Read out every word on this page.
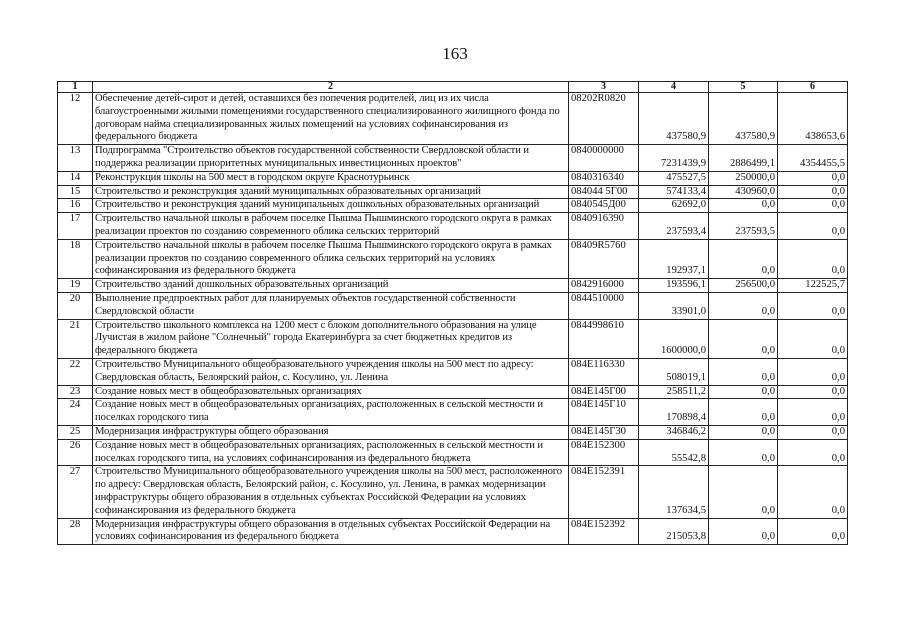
163
1	2	3	4	5	6
12	Обеспечение детей-сирот и детей, оставшихся без попечения родителей, лиц из их числа благоустроенными жилыми помещениями государственного специализированного жилищного фонда по договорам найма специализированных жилых помещений на условиях софинансирования из федерального бюджета	08202R0820	437580,9	437580,9	438653,6
13	Подпрограмма "Строительство объектов государственной собственности Свердловской области и поддержка реализации приоритетных муниципальных инвестиционных проектов"	0840000000	7231439,9	2886499,1	4354455,5
14	Реконструкция школы на 500 мест в городском округе Краснотурьинск	0840316340	475527,5	250000,0	0,0
15	Строительство и реконструкция зданий муниципальных образовательных организаций	084044 5Г00	574133,4	430960,0	0,0
16	Строительство и реконструкция зданий муниципальных дошкольных образовательных организаций	0840545Д00	62692,0	0,0	0,0
17	Строительство начальной школы в рабочем поселке Пышма Пышминского городского округа в рамках реализации проектов по созданию современного облика сельских территорий	0840916390	237593,4	237593,5	0,0
18	Строительство начальной школы в рабочем поселке Пышма Пышминского городского округа в рамках реализации проектов по созданию современного облика сельских территорий на условиях софинансирования из федерального бюджета	08409R5760	192937,1	0,0	0,0
19	Строительство зданий дошкольных образовательных организаций	0842916000	193596,1	256500,0	122525,7
20	Выполнение предпроектных работ для планируемых объектов государственной собственности Свердловской области	0844510000	33901,0	0,0	0,0
21	Строительство школьного комплекса на 1200 мест с блоком дополнительного образования на улице Лучистая в жилом районе "Солнечный" города Екатеринбурга за счет бюджетных кредитов из федерального бюджета	0844998610	1600000,0	0,0	0,0
22	Строительство Муниципального общеобразовательного учреждения школы на 500 мест по адресу: Свердловская область, Белоярский район, с. Косулино, ул. Ленина	084E116330	508019,1	0,0	0,0
23	Создание новых мест в общеобразовательных организациях	084E145Г00	258511,2	0,0	0,0
24	Создание новых мест в общеобразовательных организациях, расположенных в сельской местности и поселках городского типа	084E145Г10	170898,4	0,0	0,0
25	Модернизация инфраструктуры общего образования	084E145Г30	346846,2	0,0	0,0
26	Создание новых мест в общеобразовательных организациях, расположенных в сельской местности и поселках городского типа, на условиях софинансирования из федерального бюджета	084E152300	55542,8	0,0	0,0
27	Строительство Муниципального общеобразовательного учреждения школы на 500 мест, расположенного по адресу: Свердловская область, Белоярский район, с. Косулино, ул. Ленина, в рамках модернизации инфраструктуры общего образования в отдельных субъектах Российской Федерации на условиях софинансирования из федерального бюджета	084E152391	137634,5	0,0	0,0
28	Модернизация инфраструктуры общего образования в отдельных субъектах Российской Федерации на условиях софинансирования из федерального бюджета	084E152392	215053,8	0,0	0,0
